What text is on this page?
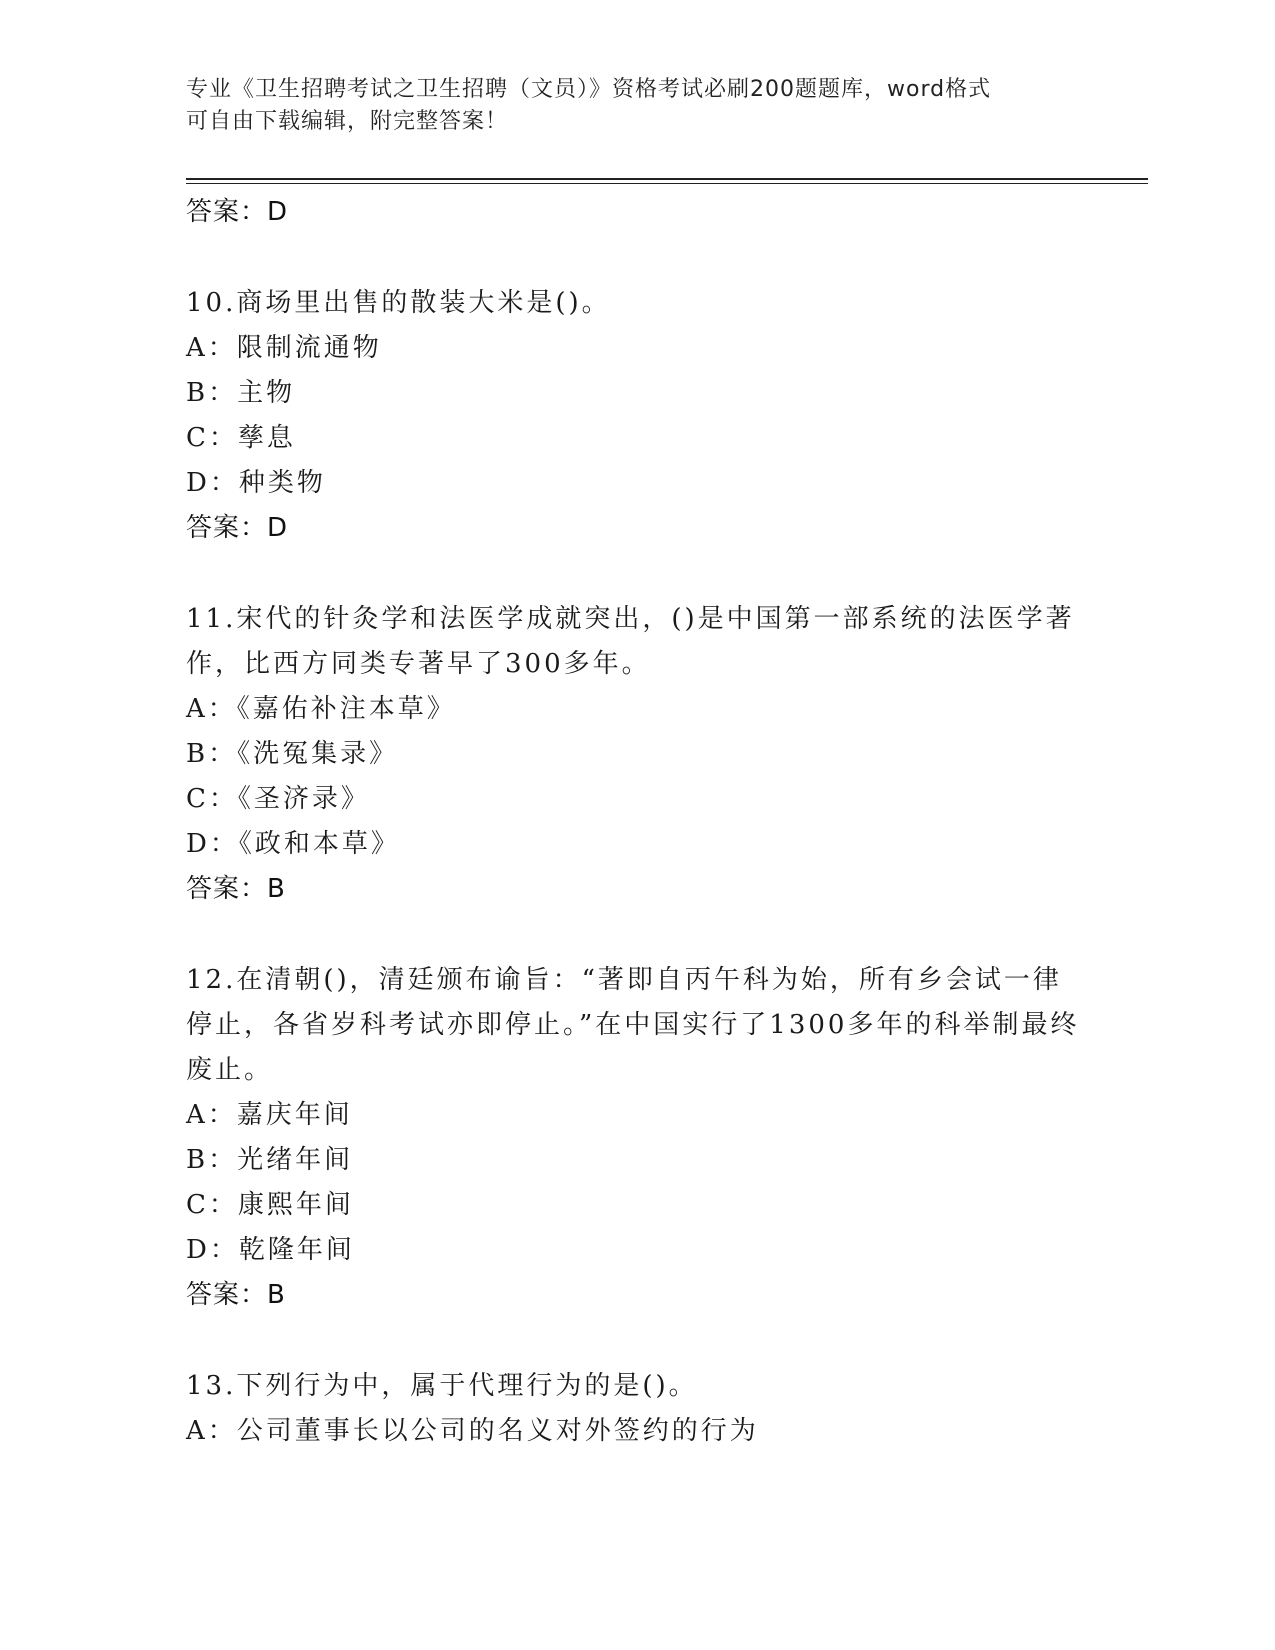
专业《卫生招聘考试之卫生招聘（文员）》资格考试必刷200题题库，word格式
可自由下载编辑，附完整答案！

答案：D

10.商场里出售的散装大米是()。

A：限制流通物

B：主物

C：孳息

D：种类物

答案：D

11.宋代的针灸学和法医学成就突出，()是中国第一部系统的法医学著作，比西方同类专著早了300多年。

A：《嘉佑补注本草》

B：《洗冤集录》

C：《圣济录》

D：《政和本草》

答案：B

12.在清朝()，清廷颁布谕旨：“著即自丙午科为始，所有乡会试一律停止，各省岁科考试亦即停止。”在中国实行了1300多年的科举制最终废止。

A：嘉庆年间

B：光绪年间

C：康熙年间

D：乾隆年间

答案：B

13.下列行为中，属于代理行为的是()。

A：公司董事长以公司的名义对外签约的行为
